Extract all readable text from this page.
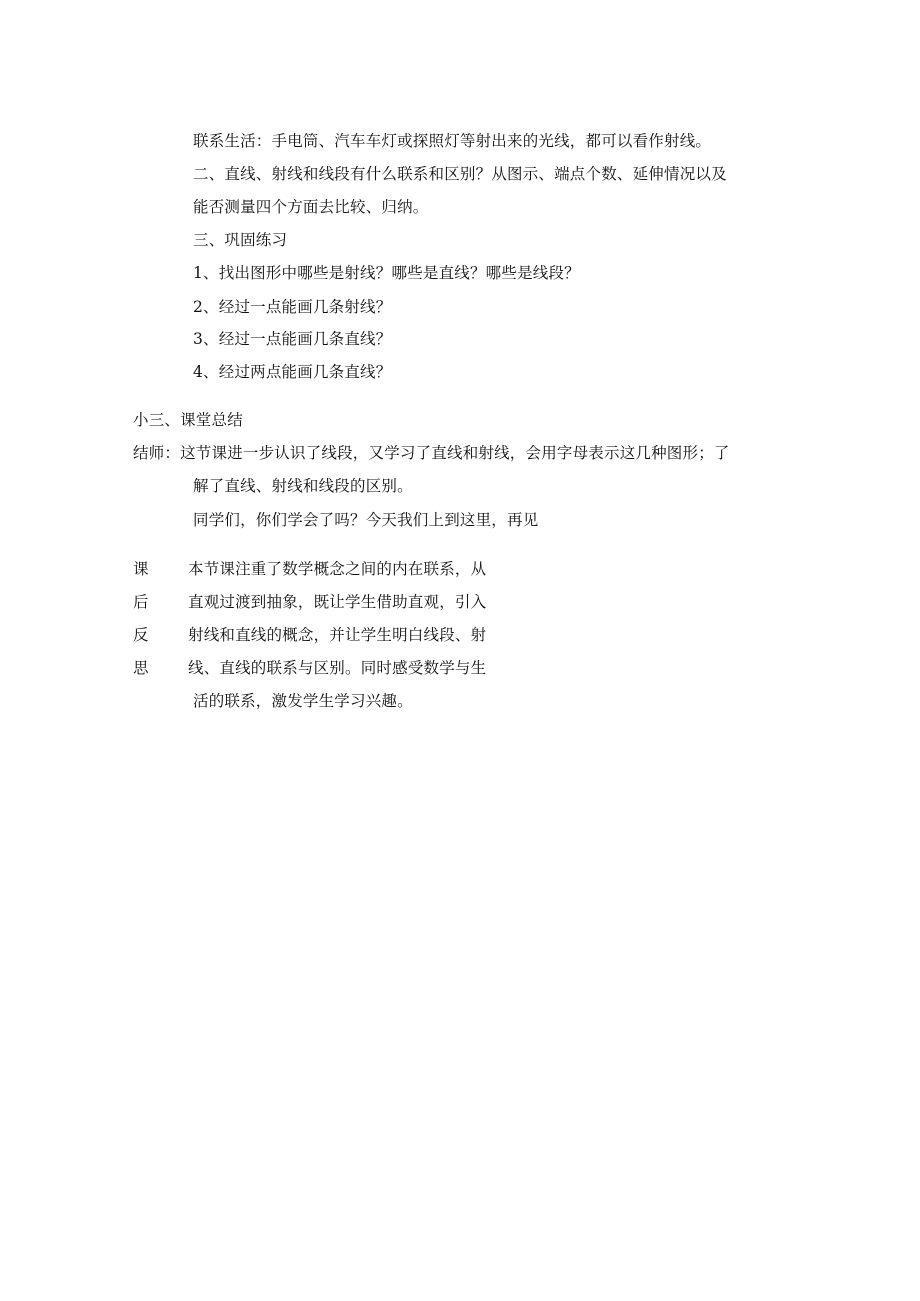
联系生活：手电筒、汽车车灯或探照灯等射出来的光线，都可以看作射线。
二、直线、射线和线段有什么联系和区别？从图示、端点个数、延伸情况以及
能否测量四个方面去比较、归纳。
三、巩固练习
1、找出图形中哪些是射线？哪些是直线？哪些是线段？
2、经过一点能画几条射线？
3、经过一点能画几条直线？
4、经过两点能画几条直线？
小三、课堂总结
结师：这节课进一步认识了线段，又学习了直线和射线，会用字母表示这几种图形；了
解了直线、射线和线段的区别。
同学们，你们学会了吗？今天我们上到这里，再见
课
后
反
思
本节课注重了数学概念之间的内在联系，从
直观过渡到抽象，既让学生借助直观，引入
射线和直线的概念，并让学生明白线段、射
线、直线的联系与区别。同时感受数学与生
活的联系，激发学生学习兴趣。
